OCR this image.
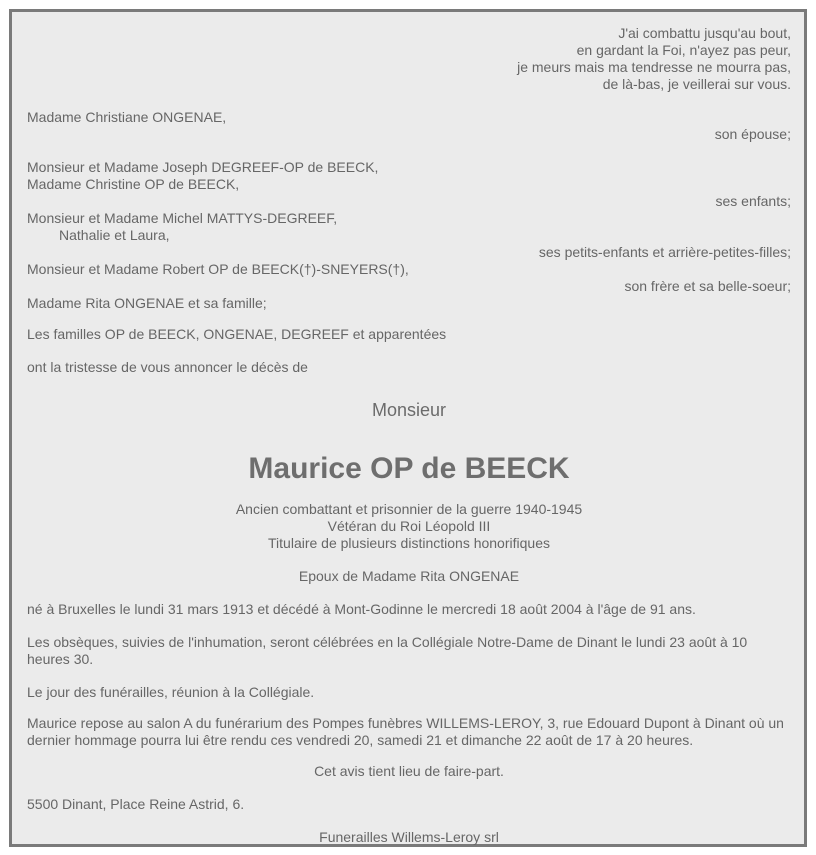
J'ai combattu jusqu'au bout,
en gardant la Foi, n'ayez pas peur,
je meurs mais ma tendresse ne mourra pas,
de là-bas, je veillerai sur vous.
Madame Christiane ONGENAE,
son épouse;
Monsieur et Madame Joseph DEGREEF-OP de BEECK,
Madame Christine OP de BEECK,
ses enfants;
Monsieur et Madame Michel MATTYS-DEGREEF,
Nathalie et Laura,
ses petits-enfants et arrière-petites-filles;
Monsieur et Madame Robert OP de BEECK(†)-SNEYERS(†),
son frère et sa belle-soeur;
Madame Rita ONGENAE et sa famille;
Les familles OP de BEECK, ONGENAE, DEGREEF et apparentées
ont la tristesse de vous annoncer le décès de
Monsieur
Maurice OP de BEECK
Ancien combattant et prisonnier de la guerre 1940-1945
Vétéran du Roi Léopold III
Titulaire de plusieurs distinctions honorifiques
Epoux de Madame Rita ONGENAE
né à Bruxelles le lundi 31 mars 1913 et décédé à Mont-Godinne le mercredi 18 août 2004 à l'âge de 91 ans.
Les obsèques, suivies de l'inhumation, seront célébrées en la Collégiale Notre-Dame de Dinant le lundi 23 août à 10 heures 30.
Le jour des funérailles, réunion à la Collégiale.
Maurice repose au salon A du funérarium des Pompes funèbres WILLEMS-LEROY, 3, rue Edouard Dupont à Dinant où un dernier hommage pourra lui être rendu ces vendredi 20, samedi 21 et dimanche 22 août de 17 à 20 heures.
Cet avis tient lieu de faire-part.
5500 Dinant, Place Reine Astrid, 6.
Funerailles Willems-Leroy srl
